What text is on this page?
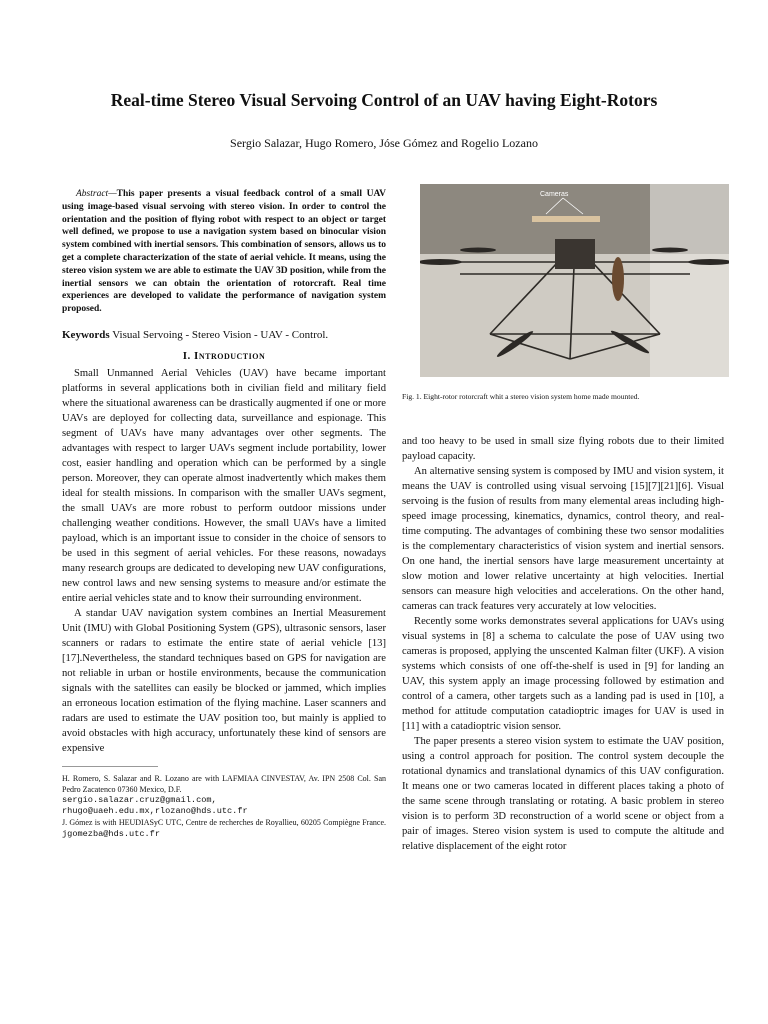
Real-time Stereo Visual Servoing Control of an UAV having Eight-Rotors

Sergio Salazar, Hugo Romero, Jóse Gómez and Rogelio Lozano

Abstract—This paper presents a visual feedback control of a small UAV using image-based visual servoing with stereo vision. In order to control the orientation and the position of flying robot with respect to an object or target well defined, we propose to use a navigation system based on binocular vision system combined with inertial sensors. This combination of sensors, allows us to get a complete characterization of the state of aerial vehicle. It means, using the stereo vision system we are able to estimate the UAV 3D position, while from the inertial sensors we can obtain the orientation of rotorcraft. Real time experiences are developed to validate the performance of navigation system proposed.

Keywords Visual Servoing - Stereo Vision - UAV - Control.

I. Introduction

Small Unmanned Aerial Vehicles (UAV) have became important platforms in several applications both in civilian field and military field where the situational awareness can be drastically augmented if one or more UAVs are deployed for collecting data, surveillance and espionage. This segment of UAVs have many advantages over other segments. The advantages with respect to larger UAVs segment include portability, lower cost, easier handling and operation which can be performed by a single person. Moreover, they can operate almost inadvertently which makes them ideal for stealth missions. In comparison with the smaller UAVs segment, the small UAVs are more robust to perform outdoor missions under challenging weather conditions. However, the small UAVs have a limited payload, which is an important issue to consider in the choice of sensors to be used in this segment of aerial vehicles. For these reasons, nowadays many research groups are dedicated to developing new UAV configurations, new control laws and new sensing systems to measure and/or estimate the entire aerial vehicles state and to know their surrounding environment.

A standar UAV navigation system combines an Inertial Measurement Unit (IMU) with Global Positioning System (GPS), ultrasonic sensors, laser scanners or radars to estimate the entire state of aerial vehicle [13][17].Nevertheless, the standard techniques based on GPS for navigation are not reliable in urban or hostile environments, because the communication signals with the satellites can easily be blocked or jammed, which implies an erroneous location estimation of the flying machine. Laser scanners and radars are used to estimate the UAV position too, but mainly is applied to avoid obstacles with high accuracy, unfortunately these kind of sensors are expensive

H. Romero, S. Salazar and R. Lozano are with LAFMIAA CINVESTAV, Av. IPN 2508 Col. San Pedro Zacatenco 07360 Mexico, D.F.

sergio.salazar.cruz@gmail.com,

rhugo@uaeh.edu.mx,rlozano@hds.utc.fr

J. Gómez is with HEUDIASyC UTC, Centre de recherches de Royallieu, 60205 Compiègne France. jgomezba@hds.utc.fr

Cameras

Fig. 1. Eight-rotor rotorcraft whit a stereo vision system home made mounted.

and too heavy to be used in small size flying robots due to their limited payload capacity.

An alternative sensing system is composed by IMU and vision system, it means the UAV is controlled using visual servoing [15][7][21][6]. Visual servoing is the fusion of results from many elemental areas including high-speed image processing, kinematics, dynamics, control theory, and real-time computing. The advantages of combining these two sensor modalities is the complementary characteristics of vision system and inertial sensors. On one hand, the inertial sensors have large measurement uncertainty at slow motion and lower relative uncertainty at high velocities. Inertial sensors can measure high velocities and accelerations. On the other hand, cameras can track features very accurately at low velocities.

Recently some works demonstrates several applications for UAVs using visual systems in [8] a schema to calculate the pose of UAV using two cameras is proposed, applying the unscented Kalman filter (UKF). A vision systems which consists of one off-the-shelf is used in [9] for landing an UAV, this system apply an image processing followed by estimation and control of a camera, other targets such as a landing pad is used in [10], a method for attitude computation catadioptric images for UAV is used in [11] with a catadioptric vision sensor.

The paper presents a stereo vision system to estimate the UAV position, using a control approach for position. The control system decouple the rotational dynamics and translational dynamics of this UAV configuration. It means one or two cameras located in different places taking a photo of the same scene through translating or rotating. A basic problem in stereo vision is to perform 3D reconstruction of a world scene or object from a pair of images. Stereo vision system is used to compute the altitude and relative displacement of the eight rotor
